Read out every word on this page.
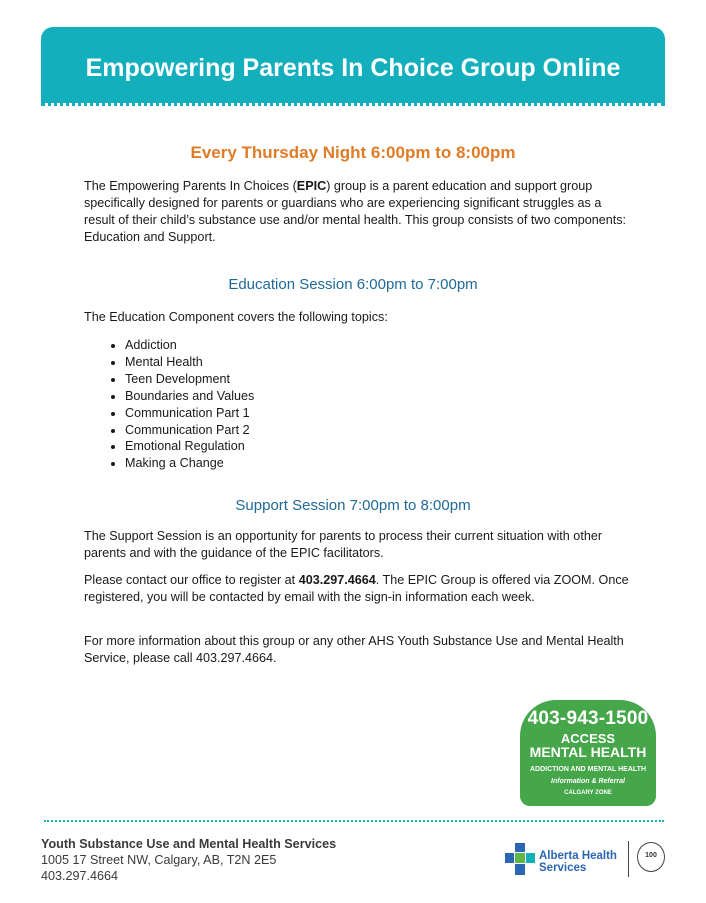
Empowering Parents In Choice Group Online
Every Thursday Night 6:00pm to 8:00pm

The Empowering Parents In Choices (EPIC) group is a parent education and support group specifically designed for parents or guardians who are experiencing significant struggles as a result of their child’s substance use and/or mental health. This group consists of two components: Education and Support.

Education Session 6:00pm to 7:00pm

The Education Component covers the following topics:

• Addiction
• Mental Health
• Teen Development
• Boundaries and Values
• Communication Part 1
• Communication Part 2
• Emotional Regulation
• Making a Change
Support Session 7:00pm to 8:00pm

The Support Session is an opportunity for parents to process their current situation with other parents and with the guidance of the EPIC facilitators.

Please contact our office to register at 403.297.4664. The EPIC Group is offered via ZOOM. Once registered, you will be contacted by email with the sign-in information each week.

For more information about this group or any other AHS Youth Substance Use and Mental Health Service, please call 403.297.4664.

403-943-1500
ACCESS
MENTAL HEALTH
ADDICTION AND MENTAL HEALTH
Information & Referral
CALGARY ZONE
Youth Substance Use and Mental Health Services
1005 17 Street NW, Calgary, AB, T2N 2E5
403.297.4664
Alberta Health
Services
100
